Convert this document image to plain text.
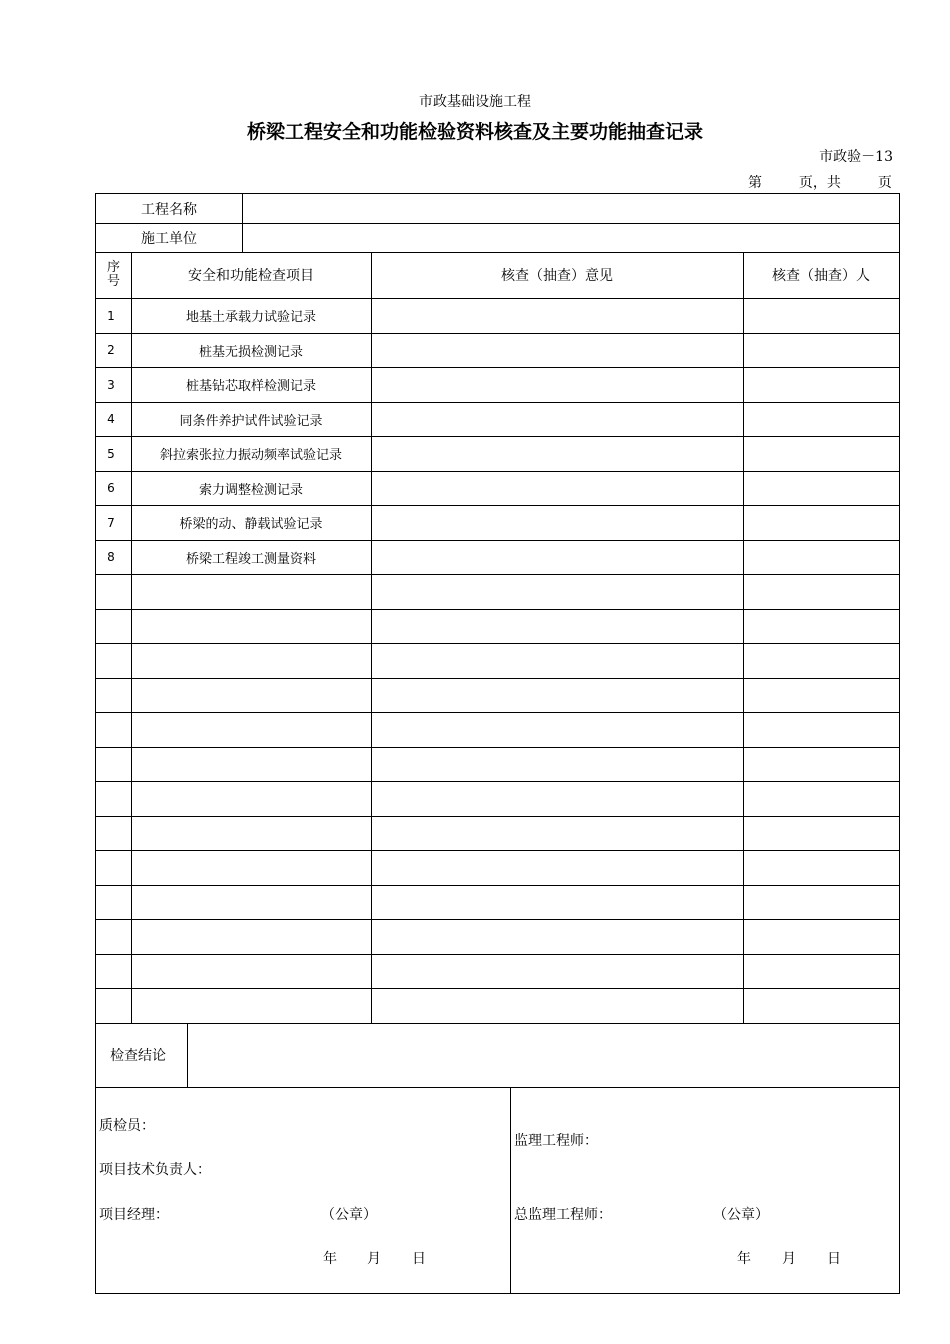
市政基础设施工程
桥梁工程安全和功能检验资料核查及主要功能抽查记录
市政验－13
第	页，共	页
工程名称
施工单位
序号	安全和功能检查项目	核查（抽查）意见	核查（抽查）人
1	地基土承载力试验记录
2	桩基无损检测记录
3	桩基钻芯取样检测记录
4	同条件养护试件试验记录
5	斜拉索张拉力振动频率试验记录
6	索力调整检测记录
7	桥梁的动、静载试验记录
8	桥梁工程竣工测量资料
检查结论
质检员：
项目技术负责人：
项目经理：	（公章）
年 月 日
监理工程师：
总监理工程师：	（公章）
年 月 日
